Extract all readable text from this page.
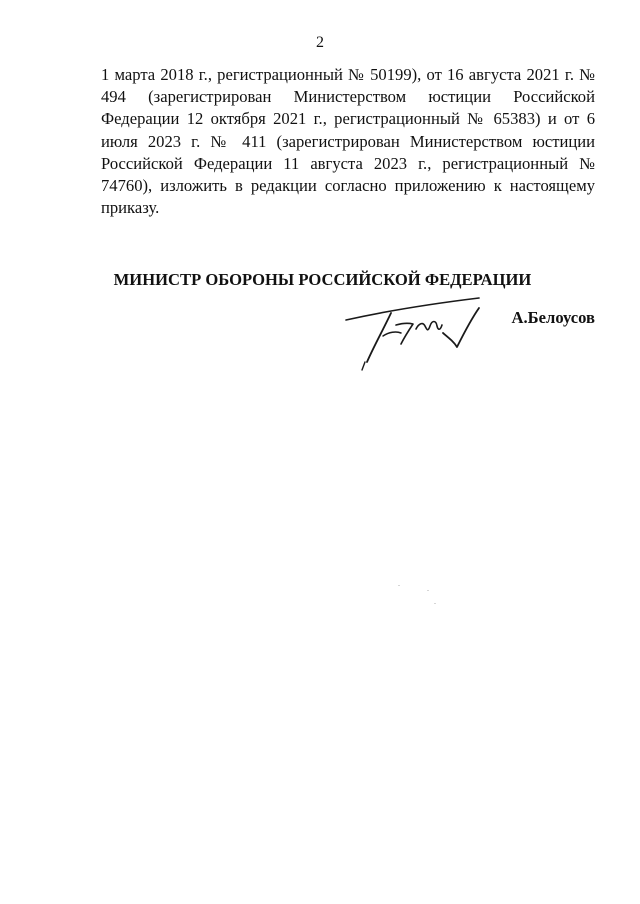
2

1 марта 2018 г., регистрационный № 50199), от 16 августа 2021 г. № 494 (зарегистрирован Министерством юстиции Российской Федерации 12 октября 2021 г., регистрационный № 65383) и от 6 июля 2023 г. № 411 (зарегистрирован Министерством юстиции Российской Федерации 11 августа 2023 г., регистрационный № 74760), изложить в редакции согласно приложению к настоящему приказу.

МИНИСТР ОБОРОНЫ РОССИЙСКОЙ ФЕДЕРАЦИИ
А.Белоусов
